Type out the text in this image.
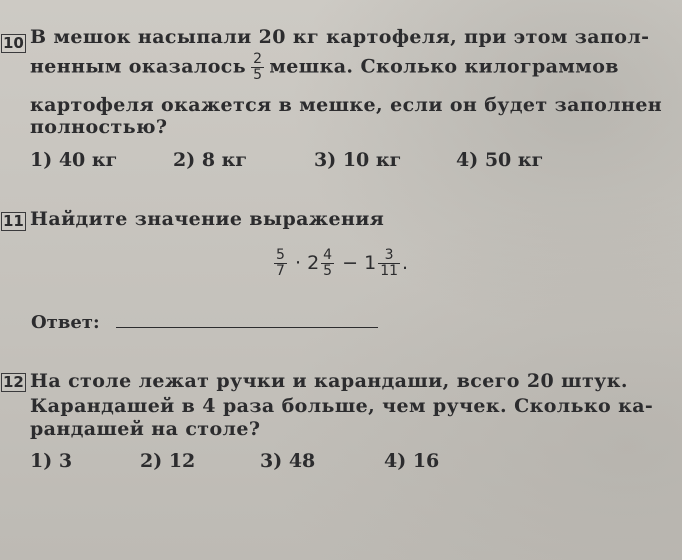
10 В мешок насыпали 20 кг картофеля, при этом запол-
ненным оказалось $\frac{2}{5}$ мешка. Сколько килограммов
картофеля окажется в мешке, если он будет заполнен
полностью?
1) 40 кг	2) 8 кг	3) 10 кг	4) 50 кг
11 Найдите значение выражения
$\frac{5}{7} \cdot 2 \frac{4}{5} - 1 \frac{3}{11}$ .
Ответ:
12 На столе лежат ручки и карандаши, всего 20 штук.
Карандашей в 4 раза больше, чем ручек. Сколько ка-
рандашей на столе?
1) 3	2) 12	3) 48	4) 16
